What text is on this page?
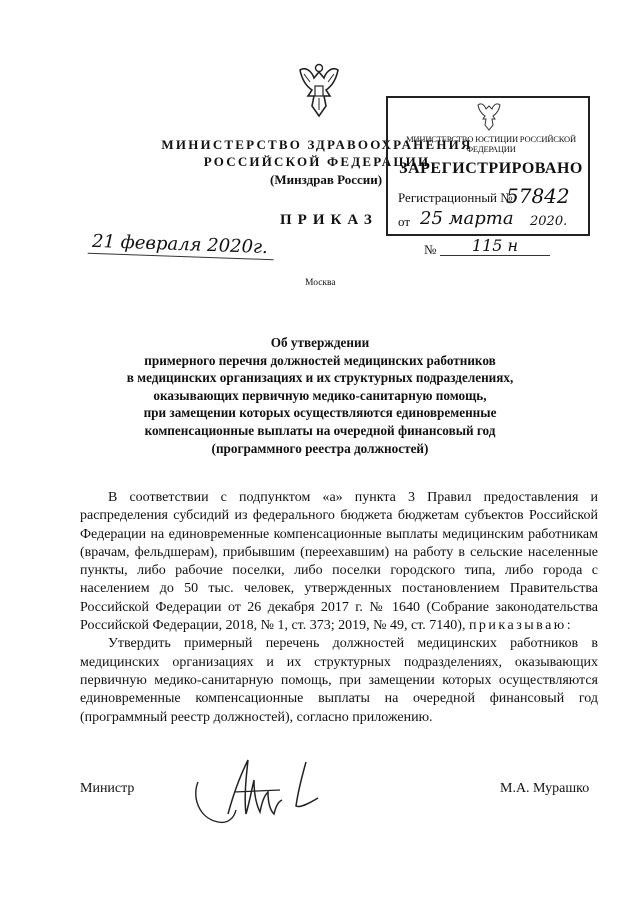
МИНИСТЕРСТВО ЗДРАВООХРАНЕНИЯ
РОССИЙСКОЙ ФЕДЕРАЦИИ
(Минздрав России)
ПРИКАЗ
21 февраля 2020г.	№	115 н
Москва
МИНИСТЕРСТВО ЮСТИЦИИ РОССИЙСКОЙ ФЕДЕРАЦИИ
ЗАРЕГИСТРИРОВАНО
Регистрационный №
57842
от 25 марта 2020.
Об утверждении
примерного перечня должностей медицинских работников
в медицинских организациях и их структурных подразделениях,
оказывающих первичную медико-санитарную помощь,
при замещении которых осуществляются единовременные
компенсационные выплаты на очередной финансовый год
(программного реестра должностей)

В соответствии с подпунктом «а» пункта 3 Правил предоставления и распределения субсидий из федерального бюджета бюджетам субъектов Российской Федерации на единовременные компенсационные выплаты медицинским работникам (врачам, фельдшерам), прибывшим (переехавшим) на работу в сельские населенные пункты, либо рабочие поселки, либо поселки городского типа, либо города с населением до 50 тыс. человек, утвержденных постановлением Правительства Российской Федерации от 26 декабря 2017 г. № 1640 (Собрание законодательства Российской Федерации, 2018, № 1, ст. 373; 2019, № 49, ст. 7140), приказываю:

Утвердить примерный перечень должностей медицинских работников в медицинских организациях и их структурных подразделениях, оказывающих первичную медико-санитарную помощь, при замещении которых осуществляются единовременные компенсационные выплаты на очередной финансовый год (программный реестр должностей), согласно приложению.

Министр	М.А. Мурашко
